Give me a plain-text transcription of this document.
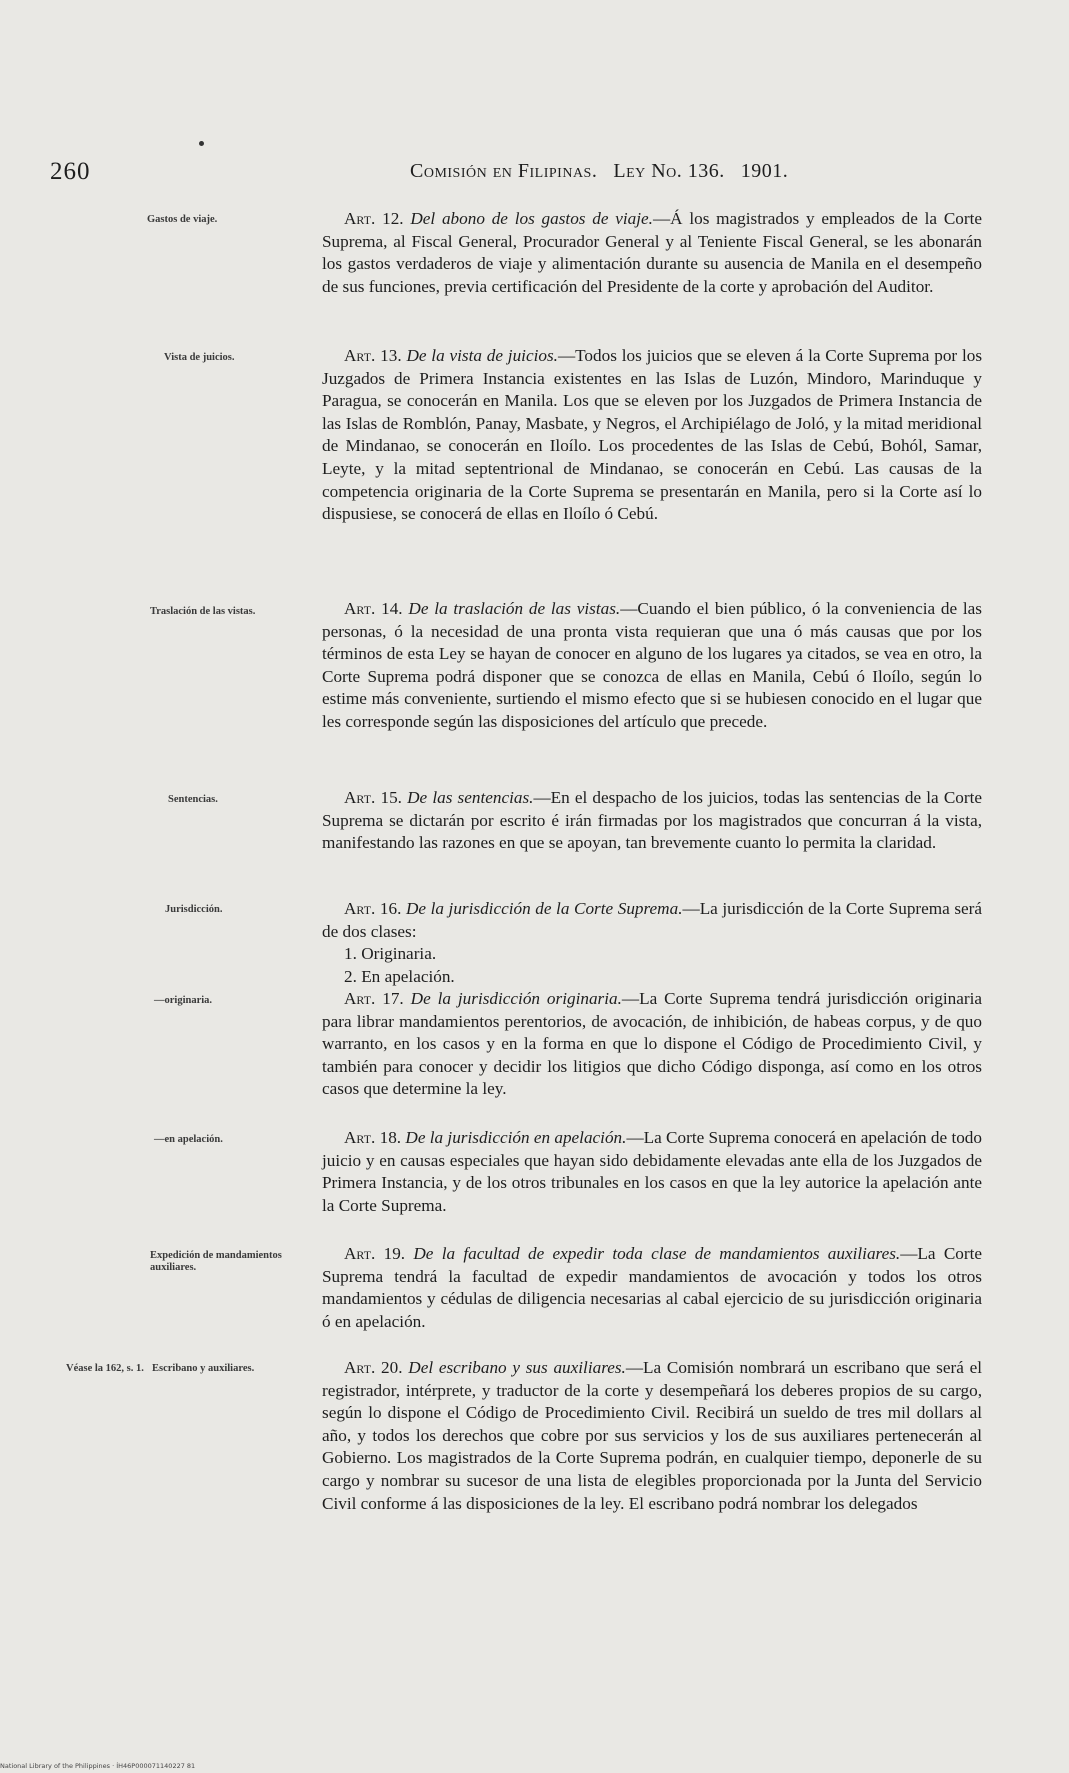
260	Comisión en Filipinas. Ley No. 136. 1901.
Gastos de viaje.
Vista de juicios.
Traslación de las vistas.
Sentencias.
Jurisdicción.
—originaria.
—en apelación.
Expedición de mandamientos auxiliares.
Véase la 162, s. 1. Escribano y auxiliares.

Art. 12. Del abono de los gastos de viaje.—Á los magistrados y empleados de la Corte Suprema, al Fiscal General, Procurador General y al Teniente Fiscal General, se les abonarán los gastos verdaderos de viaje y alimentación durante su ausencia de Manila en el desempeño de sus funciones, previa certificación del Presidente de la corte y aprobación del Auditor.

Art. 13. De la vista de juicios.—Todos los juicios que se eleven á la Corte Suprema por los Juzgados de Primera Instancia existentes en las Islas de Luzón, Mindoro, Marinduque y Paragua, se conocerán en Manila. Los que se eleven por los Juzgados de Primera Instancia de las Islas de Romblón, Panay, Masbate, y Negros, el Archipiélago de Joló, y la mitad meridional de Mindanao, se conocerán en Iloílo. Los procedentes de las Islas de Cebú, Bohól, Samar, Leyte, y la mitad septentrional de Mindanao, se conocerán en Cebú. Las causas de la competencia originaria de la Corte Suprema se presentarán en Manila, pero si la Corte así lo dispusiese, se conocerá de ellas en Iloílo ó Cebú.

Art. 14. De la traslación de las vistas.—Cuando el bien público, ó la conveniencia de las personas, ó la necesidad de una pronta vista requieran que una ó más causas que por los términos de esta Ley se hayan de conocer en alguno de los lugares ya citados, se vea en otro, la Corte Suprema podrá disponer que se conozca de ellas en Manila, Cebú ó Iloílo, según lo estime más conveniente, surtiendo el mismo efecto que si se hubiesen conocido en el lugar que les corresponde según las disposiciones del artículo que precede.

Art. 15. De las sentencias.—En el despacho de los juicios, todas las sentencias de la Corte Suprema se dictarán por escrito é irán firmadas por los magistrados que concurran á la vista, manifestando las razones en que se apoyan, tan brevemente cuanto lo permita la claridad.

Art. 16. De la jurisdicción de la Corte Suprema.—La jurisdicción de la Corte Suprema será de dos clases:

1. Originaria.
2. En apelación.

Art. 17. De la jurisdicción originaria.—La Corte Suprema tendrá jurisdicción originaria para librar mandamientos perentorios, de avocación, de inhibición, de habeas corpus, y de quo warranto, en los casos y en la forma en que lo dispone el Código de Procedimiento Civil, y también para conocer y decidir los litigios que dicho Código disponga, así como en los otros casos que determine la ley.

Art. 18. De la jurisdicción en apelación.—La Corte Suprema conocerá en apelación de todo juicio y en causas especiales que hayan sido debidamente elevadas ante ella de los Juzgados de Primera Instancia, y de los otros tribunales en los casos en que la ley autorice la apelación ante la Corte Suprema.

Art. 19. De la facultad de expedir toda clase de mandamientos auxiliares.—La Corte Suprema tendrá la facultad de expedir mandamientos de avocación y todos los otros mandamientos y cédulas de diligencia necesarias al cabal ejercicio de su jurisdicción originaria ó en apelación.

Art. 20. Del escribano y sus auxiliares.—La Comisión nombrará un escribano que será el registrador, intérprete, y traductor de la corte y desempeñará los deberes propios de su cargo, según lo dispone el Código de Procedimiento Civil. Recibirá un sueldo de tres mil dollars al año, y todos los derechos que cobre por sus servicios y los de sus auxiliares pertenecerán al Gobierno. Los magistrados de la Corte Suprema podrán, en cualquier tiempo, deponerle de su cargo y nombrar su sucesor de una lista de elegibles proporcionada por la Junta del Servicio Civil conforme á las disposiciones de la ley. El escribano podrá nombrar los delegados

National Library of the Philippines · ÍH46P000071140227 81
